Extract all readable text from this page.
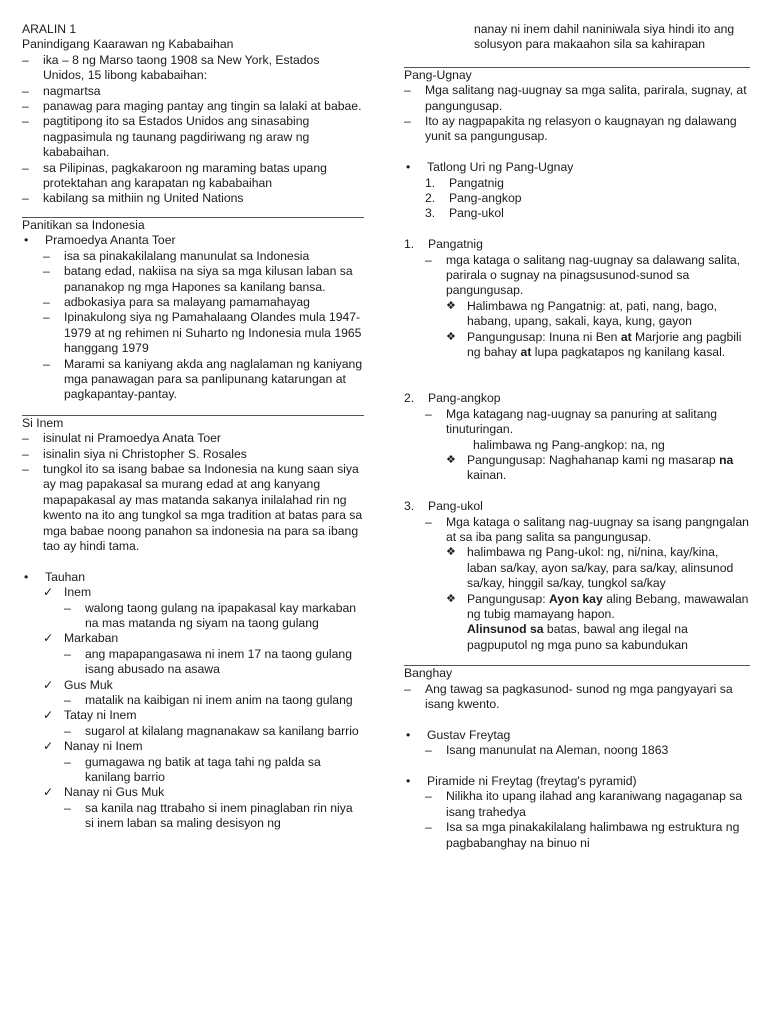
ARALIN 1
Panindigang Kaarawan ng Kababaihan
–	ika – 8 ng Marso taong 1908 sa New York, Estados Unidos, 15 libong kababaihan:
–	nagmartsa
–	panawag para maging pantay ang tingin sa lalaki at babae.
–	pagtitipong ito sa Estados Unidos ang sinasabing nagpasimula ng taunang pagdiriwang ng araw ng kababaihan.
–	sa Pilipinas, pagkakaroon ng maraming batas upang protektahan ang karapatan ng kababaihan
–	kabilang sa mithiin ng United Nations
Panitikan sa Indonesia
•	Pramoedya Ananta Toer
–	isa sa pinakakilalang manunulat sa Indonesia
–	batang edad, nakiisa na siya sa mga kilusan laban sa pananakop ng mga Hapones sa kanilang bansa.
–	adbokasiya para sa malayang pamamahayag
–	Ipinakulong siya ng Pamahalaang Olandes mula 1947- 1979 at ng rehimen ni Suharto ng Indonesia mula 1965 hanggang 1979
–	Marami sa kaniyang akda ang naglalaman ng kaniyang mga panawagan para sa panlipunang katarungan at pagkapantay-pantay.
Si Inem
–	isinulat ni Pramoedya Anata Toer
–	isinalin siya ni Christopher S. Rosales
–	tungkol ito sa isang babae sa Indonesia na kung saan siya ay mag papakasal sa murang edad at ang kanyang mapapakasal ay mas matanda sakanya inilalahad rin ng kwento na ito ang tungkol sa mga tradition at batas para sa mga babae noong panahon sa indonesia na para sa ibang tao ay hindi tama.
•	Tauhan
✓ Inem
–	walong taong gulang na ipapakasal kay markaban na mas matanda ng siyam na taong gulang
✓ Markaban
–	ang mapapangasawa ni inem 17 na taong gulang isang abusado na asawa
✓ Gus Muk
–	matalik na kaibigan ni inem anim na taong gulang
✓ Tatay ni Inem
–	sugarol at kilalang magnanakaw sa kanilang barrio
✓ Nanay ni Inem
–	gumagawa ng batik at taga tahi ng palda sa kanilang barrio
✓ Nanay ni Gus Muk
–	sa kanila nag ttrabaho si inem pinaglaban rin niya si inem laban sa maling desisyon ng
nanay ni inem dahil naniniwala siya hindi ito ang solusyon para makaahon sila sa kahirapan
Pang-Ugnay
–	Mga salitang nag-uugnay sa mga salita, parirala, sugnay, at pangungusap.
–	Ito ay nagpapakita ng relasyon o kaugnayan ng dalawang yunit sa pangungusap.
•	Tatlong Uri ng Pang-Ugnay
1.	Pangatnig
2.	Pang-angkop
3.	Pang-ukol
1.	Pangatnig
–	mga kataga o salitang nag-uugnay sa dalawang salita, parirala o sugnay na pinagsusunod-sunod sa pangungusap.
❖ Halimbawa ng Pangatnig: at, pati, nang, bago, habang, upang, sakali, kaya, kung, gayon
❖ Pangungusap: Inuna ni Ben at Marjorie ang pagbili ng bahay at lupa pagkatapos ng kanilang kasal.
2.	Pang-angkop
–	Mga katagang nag-uugnay sa panuring at salitang tinuturingan.
halimbawa ng Pang-angkop: na, ng
❖ Pangungusap: Naghahanap kami ng masarap na kainan.
3.	Pang-ukol
–	Mga kataga o salitang nag-uugnay sa isang pangngalan at sa iba pang salita sa pangungusap.
❖ halimbawa ng Pang-ukol: ng, ni/nina, kay/kina, laban sa/kay, ayon sa/kay, para sa/kay, alinsunod sa/kay, hinggil sa/kay, tungkol sa/kay
❖ Pangungusap: Ayon kay aling Bebang, mawawalan ng tubig mamayang hapon.
Alinsunod sa batas, bawal ang ilegal na pagpuputol ng mga puno sa kabundukan
Banghay
–	Ang tawag sa pagkasunod- sunod ng mga pangyayari sa isang kwento.
•	Gustav Freytag
–	Isang manunulat na Aleman, noong 1863
•	Piramide ni Freytag (freytag's pyramid)
–	Nilikha ito upang ilahad ang karaniwang nagaganap sa isang trahedya
–	Isa sa mga pinakakilalang halimbawa ng estruktura ng pagbabanghay na binuo ni
